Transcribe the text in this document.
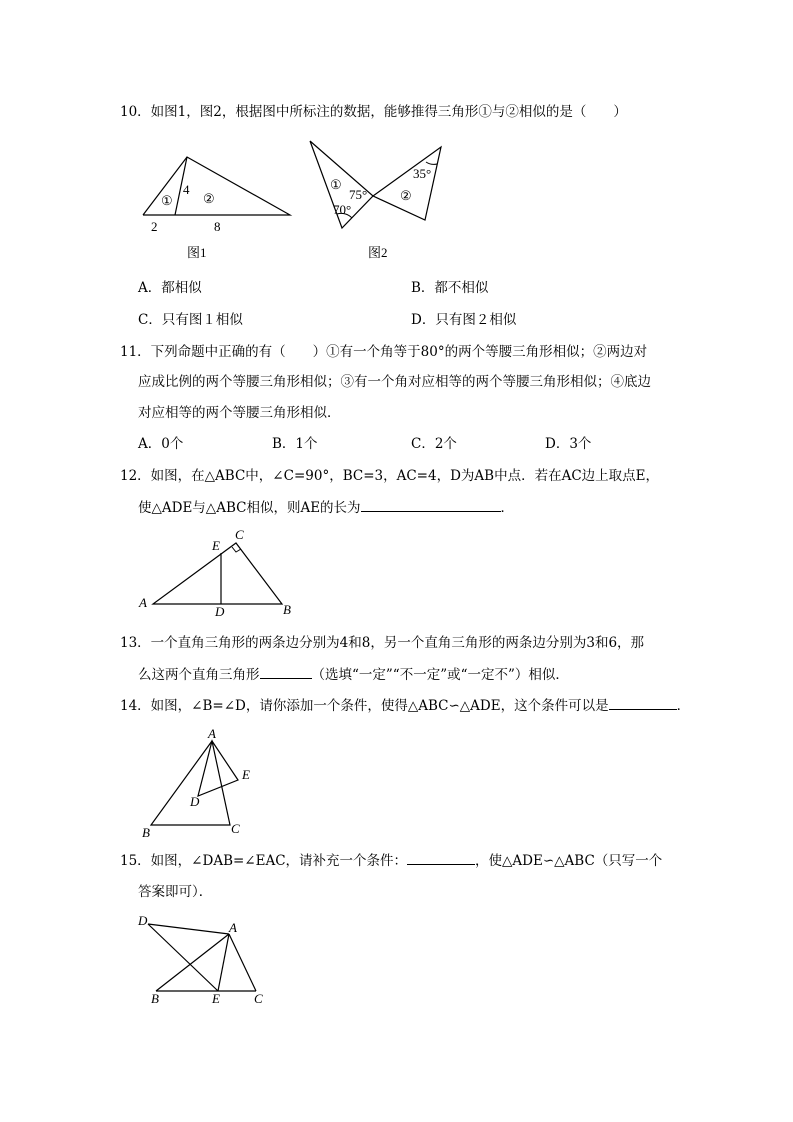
10．如图1，图2，根据图中所标注的数据，能够推得三角形①与②相似的是（　　）
①
4
②
2	8
图1
①
75°
70°
35°
②
图2
A．都相似	B．都不相似
C．只有图１相似	D．只有图２相似
11．下列命题中正确的有（　　）①有一个角等于80°的两个等腰三角形相似；②两边对
应成比例的两个等腰三角形相似；③有一个角对应相等的两个等腰三角形相似；④底边
对应相等的两个等腰三角形相似．
A．0个	B．1个	C．2个	D．3个
12．如图，在△ABC中，∠C=90°，BC=3，AC=4，D为AB中点．若在AC边上取点E，
使△ADE与△ABC相似，则AE的长为	．
A	B
C
D
E
13．一个直角三角形的两条边分别为4和8，另一个直角三角形的两条边分别为3和6，那
么这两个直角三角形	（选填“一定”“不一定”或“一定不”）相似．
14．如图，∠B=∠D，请你添加一个条件，使得△ABC∽△ADE，这个条件可以是	．
A
B	C
D
E
15．如图，∠DAB=∠EAC，请补充一个条件：	，使△ADE∽△ABC（只写一个
答案即可）．
A
B	C
D
E
